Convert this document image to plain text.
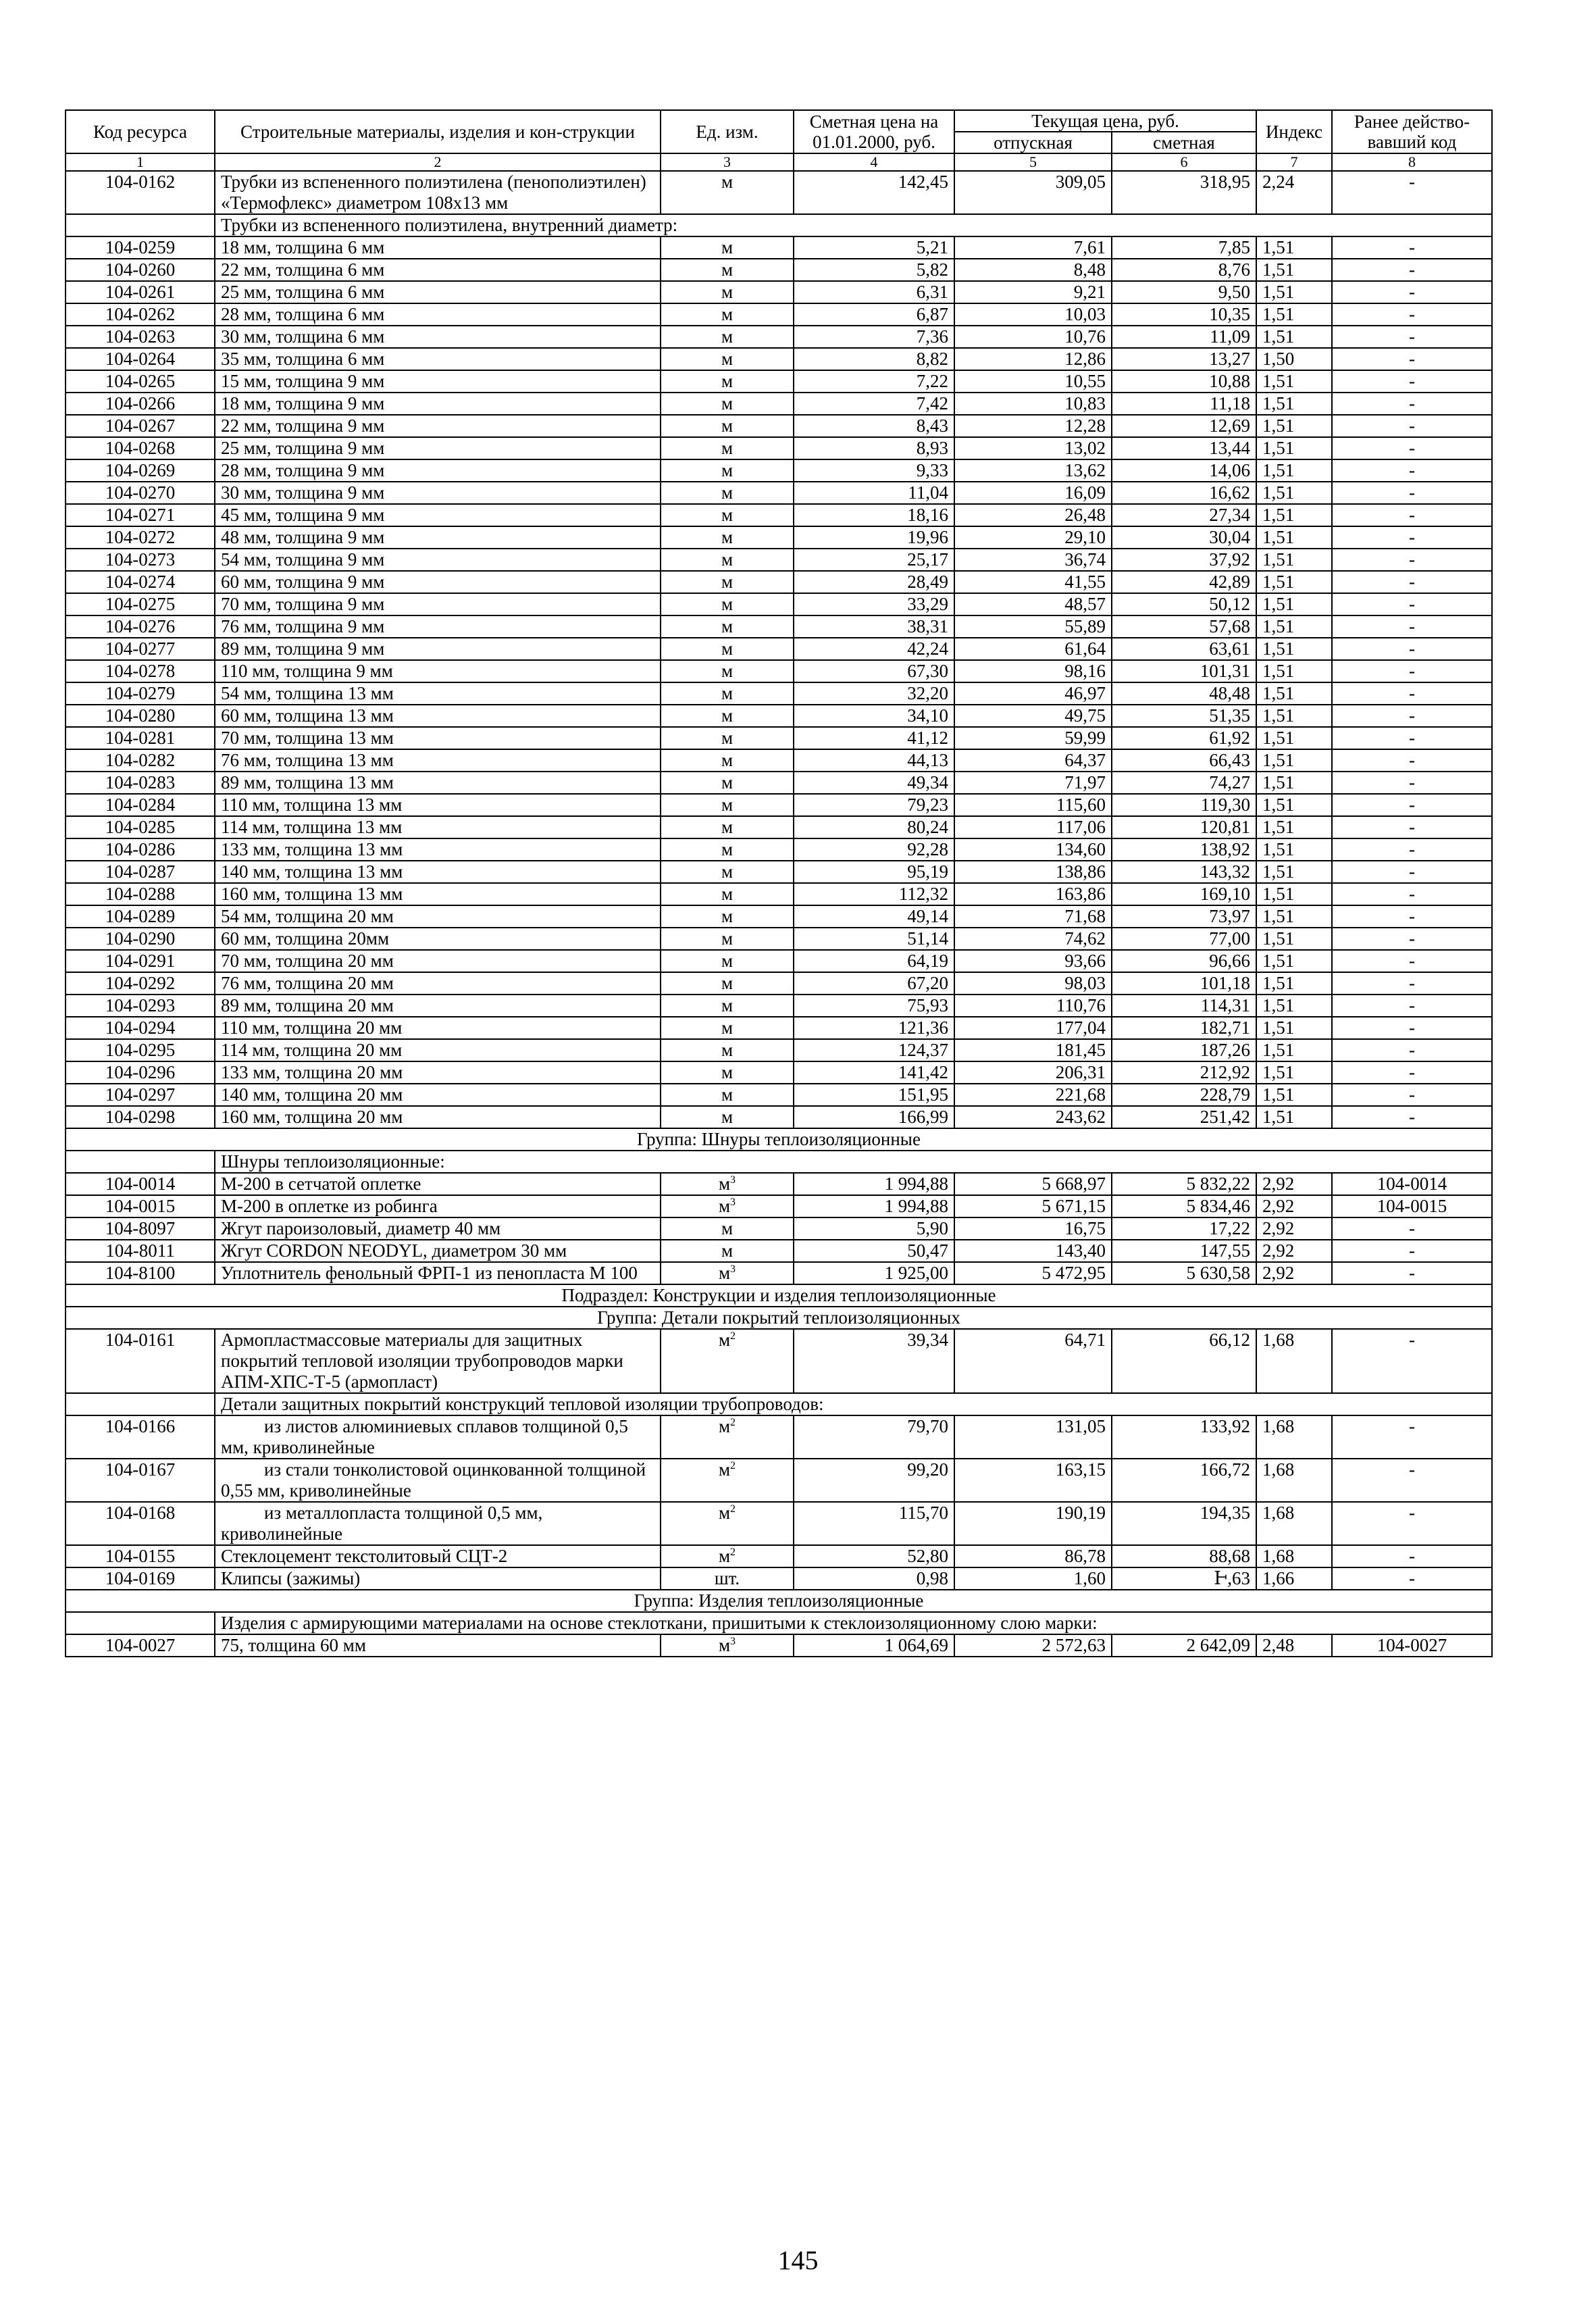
Код ресурса	Строительные материалы, изделия и кон-струкции	Ед. изм.	Сметная цена на 01.01.2000, руб.	Текущая цена, руб.		Индекс	Ранее действо-вавший код
				отпускная	сметная		
1	2	3	4	5	6	7	8
104-0162	Трубки из вспененного полиэтилена (пенополиэтилен) «Термофлекс» диаметром 108x13 мм	м	142,45	309,05	318,95	2,24	-
	Трубки из вспененного полиэтилена, внутренний диаметр:						
104-0259	18 мм, толщина 6 мм	м	5,21	7,61	7,85	1,51	-
104-0260	22 мм, толщина 6 мм	м	5,82	8,48	8,76	1,51	-
104-0261	25 мм, толщина 6 мм	м	6,31	9,21	9,50	1,51	-
104-0262	28 мм, толщина 6 мм	м	6,87	10,03	10,35	1,51	-
104-0263	30 мм, толщина 6 мм	м	7,36	10,76	11,09	1,51	-
104-0264	35 мм, толщина 6 мм	м	8,82	12,86	13,27	1,50	-
104-0265	15 мм, толщина 9 мм	м	7,22	10,55	10,88	1,51	-
104-0266	18 мм, толщина 9 мм	м	7,42	10,83	11,18	1,51	-
104-0267	22 мм, толщина 9 мм	м	8,43	12,28	12,69	1,51	-
104-0268	25 мм, толщина 9 мм	м	8,93	13,02	13,44	1,51	-
104-0269	28 мм, толщина 9 мм	м	9,33	13,62	14,06	1,51	-
104-0270	30 мм, толщина 9 мм	м	11,04	16,09	16,62	1,51	-
104-0271	45 мм, толщина 9 мм	м	18,16	26,48	27,34	1,51	-
104-0272	48 мм, толщина 9 мм	м	19,96	29,10	30,04	1,51	-
104-0273	54 мм, толщина 9 мм	м	25,17	36,74	37,92	1,51	-
104-0274	60 мм, толщина 9 мм	м	28,49	41,55	42,89	1,51	-
104-0275	70 мм, толщина 9 мм	м	33,29	48,57	50,12	1,51	-
104-0276	76 мм, толщина 9 мм	м	38,31	55,89	57,68	1,51	-
104-0277	89 мм, толщина 9 мм	м	42,24	61,64	63,61	1,51	-
104-0278	110 мм, толщина 9 мм	м	67,30	98,16	101,31	1,51	-
104-0279	54 мм, толщина 13 мм	м	32,20	46,97	48,48	1,51	-
104-0280	60 мм, толщина 13 мм	м	34,10	49,75	51,35	1,51	-
104-0281	70 мм, толщина 13 мм	м	41,12	59,99	61,92	1,51	-
104-0282	76 мм, толщина 13 мм	м	44,13	64,37	66,43	1,51	-
104-0283	89 мм, толщина 13 мм	м	49,34	71,97	74,27	1,51	-
104-0284	110 мм, толщина 13 мм	м	79,23	115,60	119,30	1,51	-
104-0285	114 мм, толщина 13 мм	м	80,24	117,06	120,81	1,51	-
104-0286	133 мм, толщина 13 мм	м	92,28	134,60	138,92	1,51	-
104-0287	140 мм, толщина 13 мм	м	95,19	138,86	143,32	1,51	-
104-0288	160 мм, толщина 13 мм	м	112,32	163,86	169,10	1,51	-
104-0289	54 мм, толщина 20 мм	м	49,14	71,68	73,97	1,51	-
104-0290	60 мм, толщина 20мм	м	51,14	74,62	77,00	1,51	-
104-0291	70 мм, толщина 20 мм	м	64,19	93,66	96,66	1,51	-
104-0292	76 мм, толщина 20 мм	м	67,20	98,03	101,18	1,51	-
104-0293	89 мм, толщина 20 мм	м	75,93	110,76	114,31	1,51	-
104-0294	110 мм, толщина 20 мм	м	121,36	177,04	182,71	1,51	-
104-0295	114 мм, толщина 20 мм	м	124,37	181,45	187,26	1,51	-
104-0296	133 мм, толщина 20 мм	м	141,42	206,31	212,92	1,51	-
104-0297	140 мм, толщина 20 мм	м	151,95	221,68	228,79	1,51	-
104-0298	160 мм, толщина 20 мм	м	166,99	243,62	251,42	1,51	-
Группа: Шнуры теплоизоляционные							
	Шнуры теплоизоляционные:						
104-0014	М-200 в сетчатой оплетке	$м^3$	1 994,88	5 668,97	5 832,22	2,92	104-0014
104-0015	М-200 в оплетке из робинга	$м^3$	1 994,88	5 671,15	5 834,46	2,92	104-0015
104-8097	Жгут пароизоловый, диаметр 40 мм	м	5,90	16,75	17,22	2,92	-
104-8011	Жгут CORDON NEODYL, диаметром 30 мм	м	50,47	143,40	147,55	2,92	-
104-8100	Уплотнитель фенольный ФРП-1 из пенопласта М 100	$м^3$	1 925,00	5 472,95	5 630,58	2,92	-
Подраздел: Конструкции и изделия теплоизоляционные							
Группа: Детали покрытий теплоизоляционных							
104-0161	Армопластмассовые материалы для защитных покрытий тепловой изоляции трубопроводов марки АПМ-ХПС-Т-5 (армопласт)	$м^2$	39,34	64,71	66,12	1,68	-
	Детали защитных покрытий конструкций тепловой изоляции трубопроводов:						
104-0166	из листов алюминиевых сплавов толщиной 0,5 мм, криволинейные	$м^2$	79,70	131,05	133,92	1,68	-
104-0167	из стали тонколистовой оцинкованной толщиной 0,55 мм, криволинейные	$м^2$	99,20	163,15	166,72	1,68	-
104-0168	из металлопласта толщиной 0,5 мм, криволинейные	$м^2$	115,70	190,19	194,35	1,68	-
104-0155	Стеклоцемент текстолитовый СЦТ-2	$м^2$	52,80	86,78	88,68	1,68	-
104-0169	Клипсы (зажимы)	шт.	0,98	1,60	Ͱ,63	1,66	-
Группа: Изделия теплоизоляционные							
	Изделия с армирующими материалами на основе стеклоткани, пришитыми к стеклоизоляционному слою марки:						
104-0027	75, толщина 60 мм	$м^3$	1 064,69	2 572,63	2 642,09	2,48	104-0027
145
